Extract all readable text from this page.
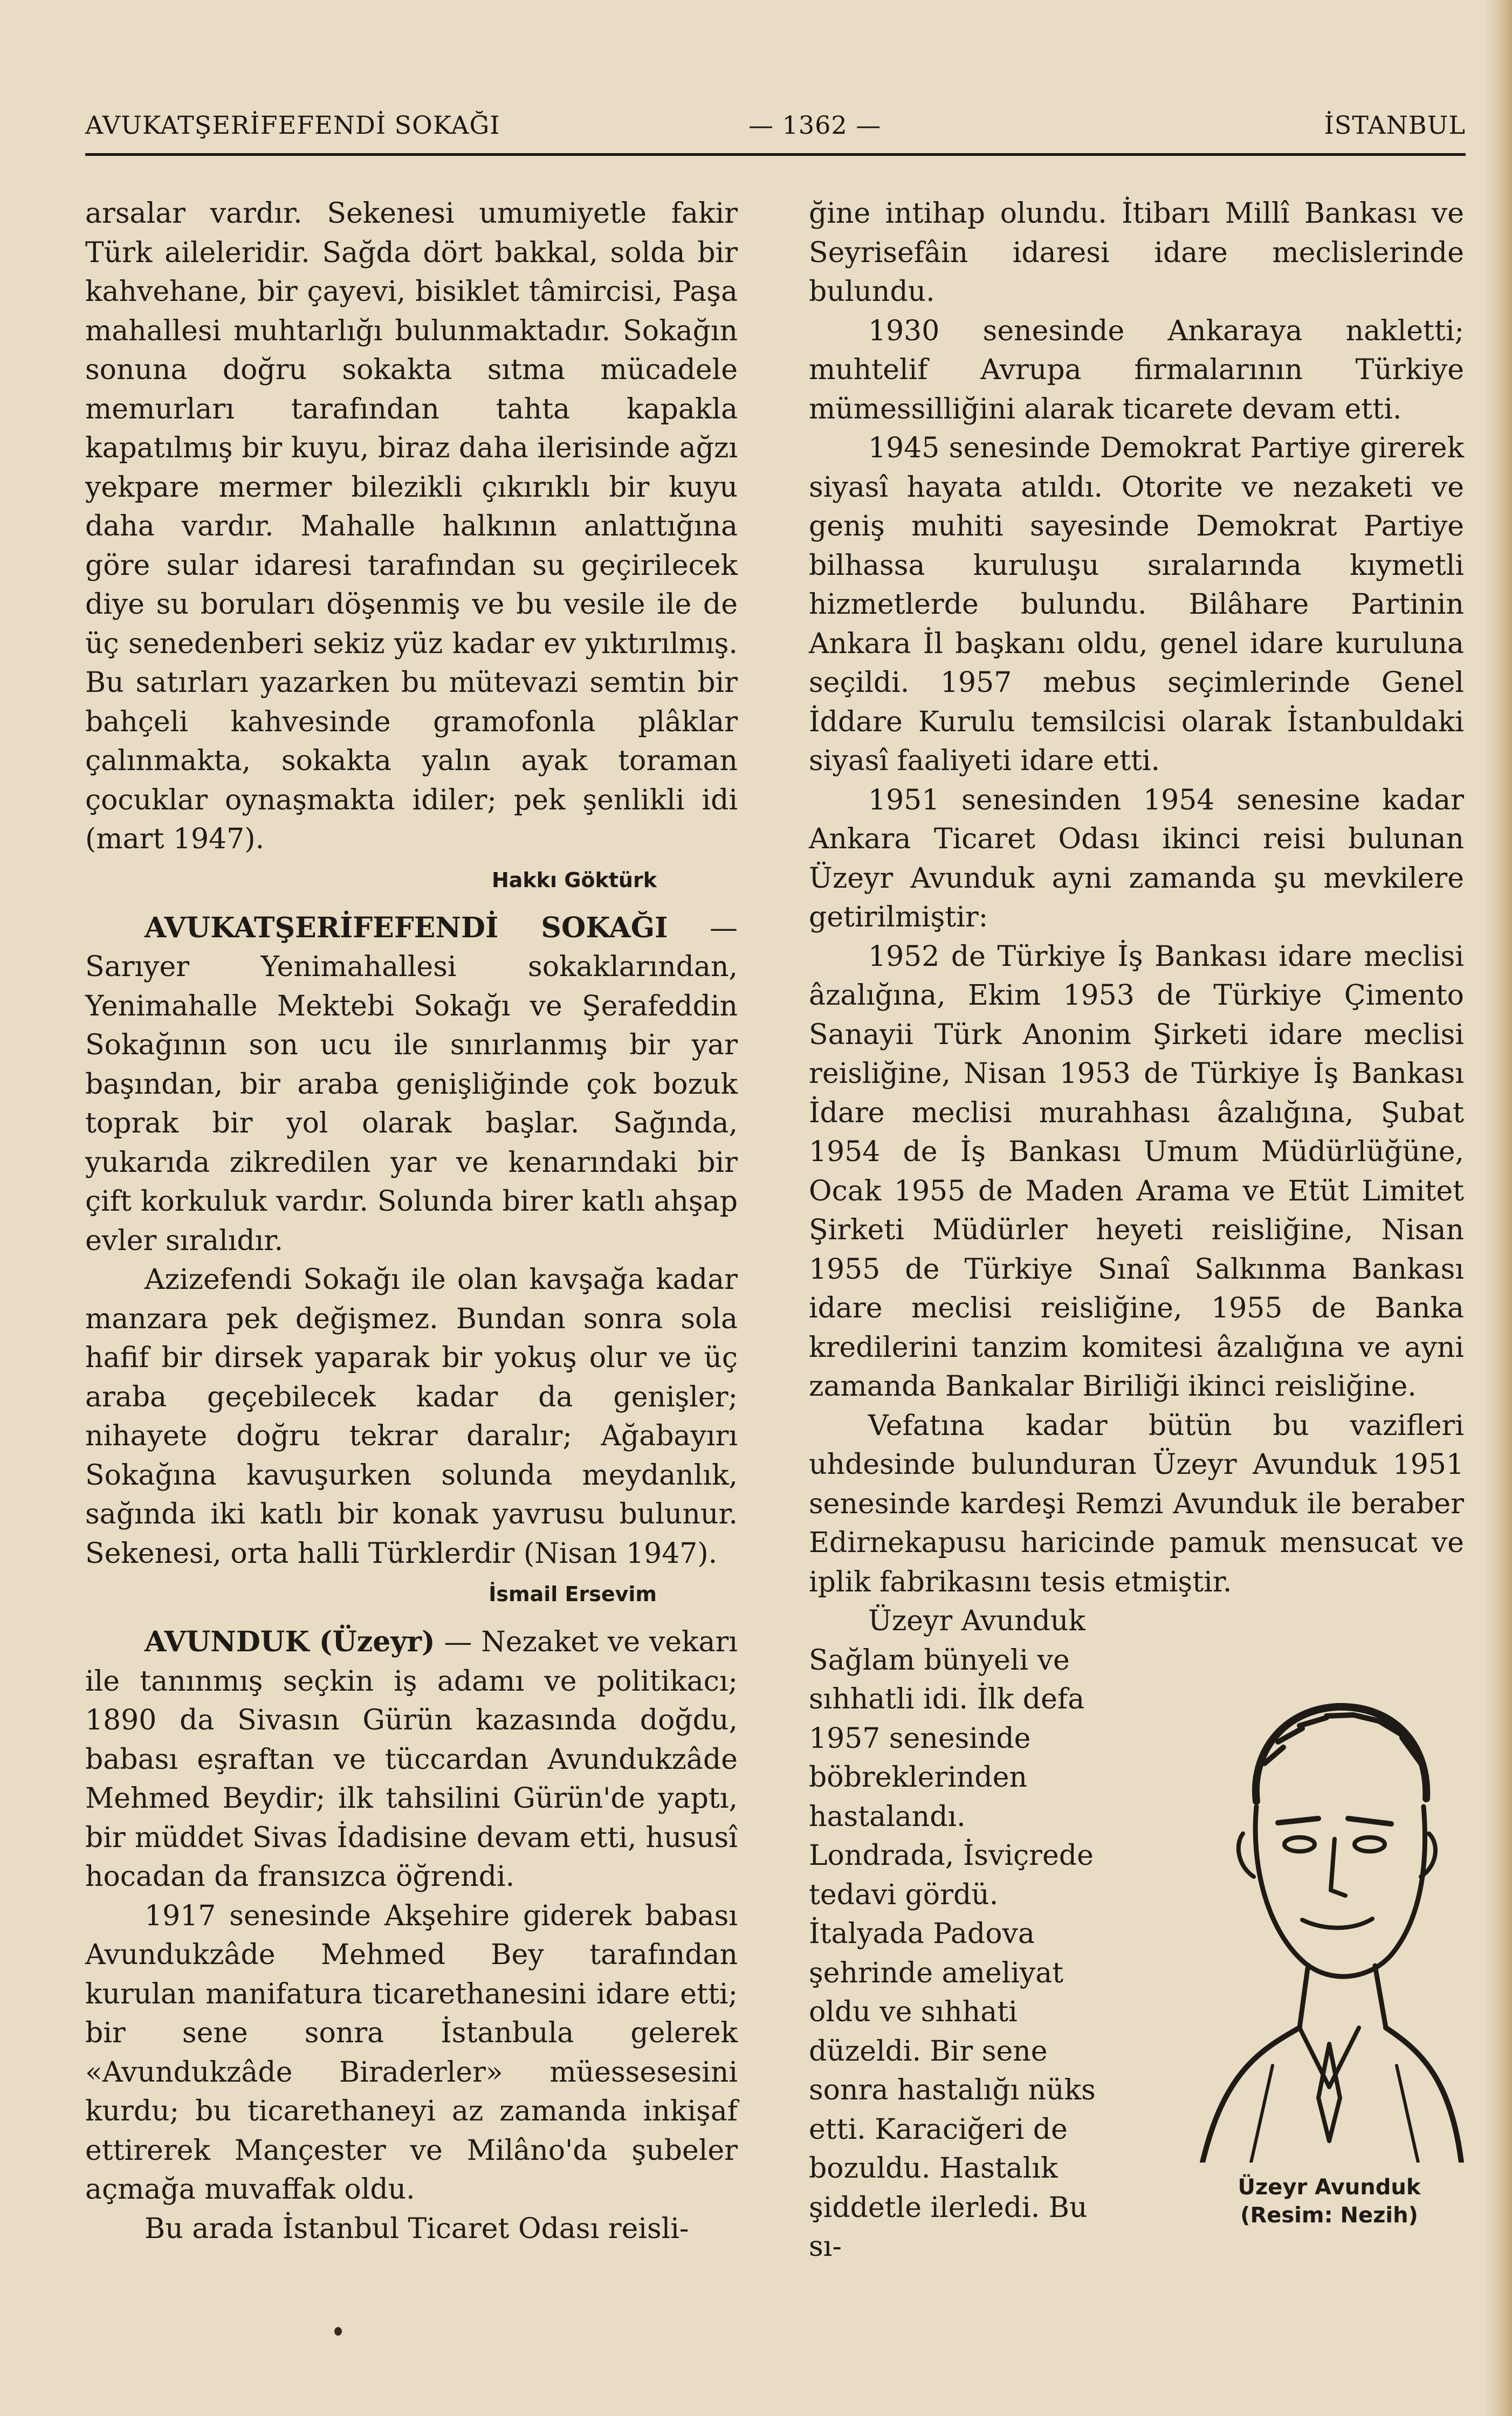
AVUKATŞERİFEFENDİ SOKAĞI	— 1362 —	İSTANBUL

arsalar vardır. Sekenesi umumiyetle fakir Türk aileleridir. Sağda dört bakkal, solda bir kahvehane, bir çayevi, bisiklet tâmircisi, Paşa mahallesi muhtarlığı bulunmaktadır. Sokağın sonuna doğru sokakta sıtma mücadele memurları tarafından tahta kapakla kapatılmış bir kuyu, biraz daha ilerisinde ağzı yekpare mermer bilezikli çıkırıklı bir kuyu daha vardır. Mahalle halkının anlattığına göre sular idaresi tarafından su geçirilecek diye su boruları döşenmiş ve bu vesile ile de üç senedenberi sekiz yüz kadar ev yıktırılmış. Bu satırları yazarken bu mütevazi semtin bir bahçeli kahvesinde gramofonla plâklar çalınmakta, sokakta yalın ayak toraman çocuklar oynaşmakta idiler; pek şenlikli idi (mart 1947).

Hakkı Göktürk

AVUKATŞERİFEFENDİ SOKAĞI — Sarıyer Yenimahallesi sokaklarından, Yenimahalle Mektebi Sokağı ve Şerafeddin Sokağının son ucu ile sınırlanmış bir yar başından, bir araba genişliğinde çok bozuk toprak bir yol olarak başlar. Sağında, yukarıda zikredilen yar ve kenarındaki bir çift korkuluk vardır. Solunda birer katlı ahşap evler sıralıdır.

Azizefendi Sokağı ile olan kavşağa kadar manzara pek değişmez. Bundan sonra sola hafif bir dirsek yaparak bir yokuş olur ve üç araba geçebilecek kadar da genişler; nihayete doğru tekrar daralır; Ağabayırı Sokağına kavuşurken solunda meydanlık, sağında iki katlı bir konak yavrusu bulunur. Sekenesi, orta halli Türklerdir (Nisan 1947).

İsmail Ersevim

AVUNDUK (Üzeyr) — Nezaket ve vekarı ile tanınmış seçkin iş adamı ve politikacı; 1890 da Sivasın Gürün kazasında doğdu, babası eşraftan ve tüccardan Avundukzâde Mehmed Beydir; ilk tahsilini Gürün'de yaptı, bir müddet Sivas İdadisine devam etti, hususî hocadan da fransızca öğrendi.

1917 senesinde Akşehire giderek babası Avundukzâde Mehmed Bey tarafından kurulan manifatura ticarethanesini idare etti; bir sene sonra İstanbula gelerek «Avundukzâde Biraderler» müessesesini kurdu; bu ticarethaneyi az zamanda inkişaf ettirerek Mançester ve Milâno'da şubeler açmağa muvaffak oldu.

Bu arada İstanbul Ticaret Odası reisli-

ğine intihap olundu. İtibarı Millî Bankası ve Seyrisefâin idaresi idare meclislerinde bulundu.

1930 senesinde Ankaraya nakletti; muhtelif Avrupa firmalarının Türkiye mümessilliğini alarak ticarete devam etti.

1945 senesinde Demokrat Partiye girerek siyasî hayata atıldı. Otorite ve nezaketi ve geniş muhiti sayesinde Demokrat Partiye bilhassa kuruluşu sıralarında kıymetli hizmetlerde bulundu. Bilâhare Partinin Ankara İl başkanı oldu, genel idare kuruluna seçildi. 1957 mebus seçimlerinde Genel İddare Kurulu temsilcisi olarak İstanbuldaki siyasî faaliyeti idare etti.

1951 senesinden 1954 senesine kadar Ankara Ticaret Odası ikinci reisi bulunan Üzeyr Avunduk ayni zamanda şu mevkilere getirilmiştir:

1952 de Türkiye İş Bankası idare meclisi âzalığına, Ekim 1953 de Türkiye Çimento Sanayii Türk Anonim Şirketi idare meclisi reisliğine, Nisan 1953 de Türkiye İş Bankası İdare meclisi murahhası âzalığına, Şubat 1954 de İş Bankası Umum Müdürlüğüne, Ocak 1955 de Maden Arama ve Etüt Limitet Şirketi Müdürler heyeti reisliğine, Nisan 1955 de Türkiye Sınaî Salkınma Bankası idare meclisi reisliğine, 1955 de Banka kredilerini tanzim komitesi âzalığına ve ayni zamanda Bankalar Biriliği ikinci reisliğine.

Vefatına kadar bütün bu vazifleri uhdesinde bulunduran Üzeyr Avunduk 1951 senesinde kardeşi Remzi Avunduk ile beraber Edirnekapusu haricinde pamuk mensucat ve iplik fabrikasını tesis etmiştir.

Üzeyr Avunduk Sağlam bünyeli ve sıhhatli idi. İlk defa 1957 senesinde böbreklerinden hastalandı. Londrada, İsviçrede tedavi gördü. İtalyada Padova şehrinde ameliyat oldu ve sıhhati düzeldi. Bir sene sonra hastalığı nüks etti. Karaciğeri de bozuldu. Hastalık şiddetle ilerledi. Bu sı-

Üzeyr Avunduk
(Resim: Nezih)
